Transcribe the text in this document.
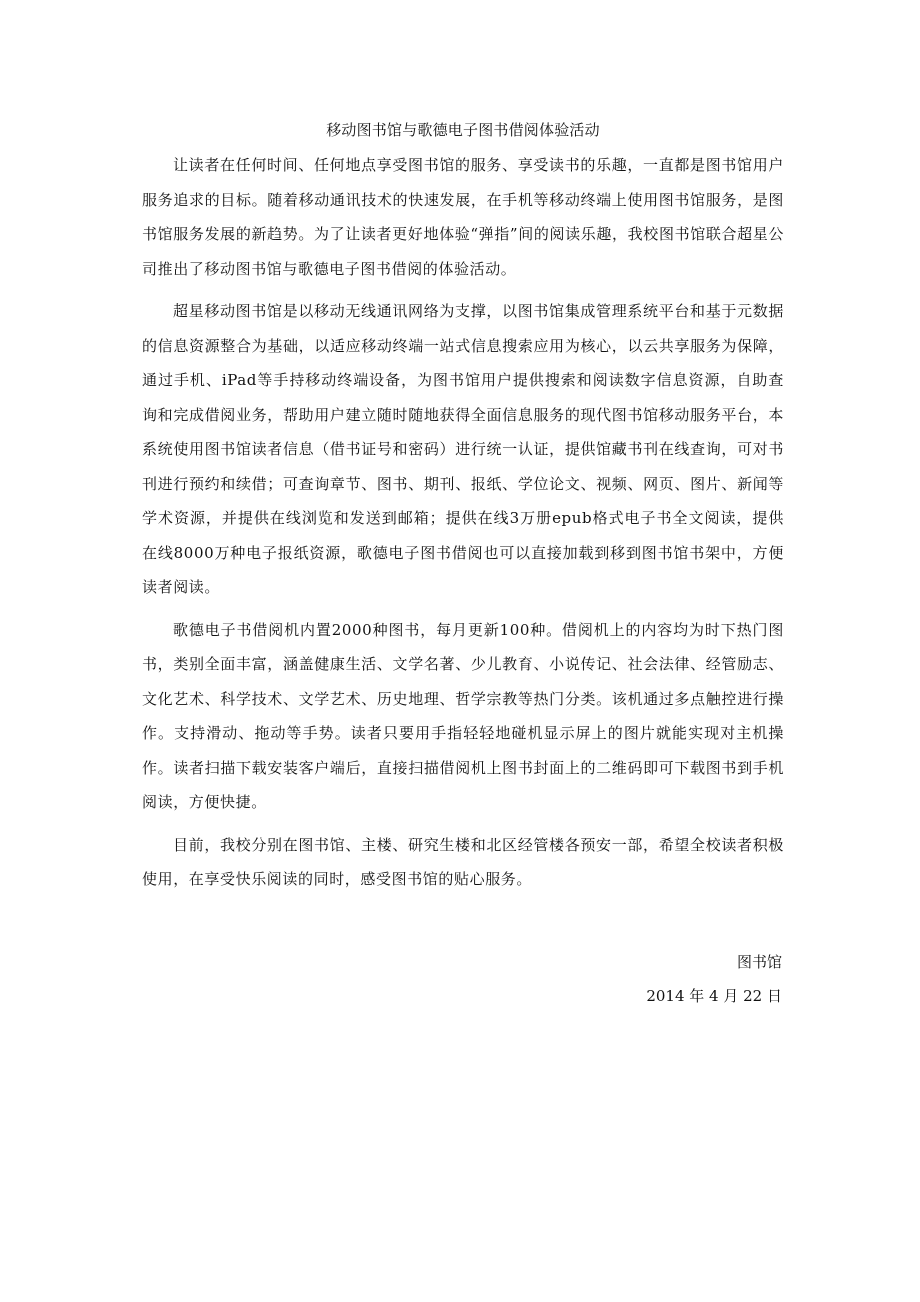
移动图书馆与歌德电子图书借阅体验活动

让读者在任何时间、任何地点享受图书馆的服务、享受读书的乐趣，一直都是图书馆用户服务追求的目标。随着移动通讯技术的快速发展，在手机等移动终端上使用图书馆服务，是图书馆服务发展的新趋势。为了让读者更好地体验“弹指”间的阅读乐趣，我校图书馆联合超星公司推出了移动图书馆与歌德电子图书借阅的体验活动。

超星移动图书馆是以移动无线通讯网络为支撑，以图书馆集成管理系统平台和基于元数据的信息资源整合为基础，以适应移动终端一站式信息搜索应用为核心，以云共享服务为保障，通过手机、iPad等手持移动终端设备，为图书馆用户提供搜索和阅读数字信息资源，自助查询和完成借阅业务，帮助用户建立随时随地获得全面信息服务的现代图书馆移动服务平台，本系统使用图书馆读者信息（借书证号和密码）进行统一认证，提供馆藏书刊在线查询，可对书刊进行预约和续借；可查询章节、图书、期刊、报纸、学位论文、视频、网页、图片、新闻等学术资源，并提供在线浏览和发送到邮箱；提供在线3万册epub格式电子书全文阅读，提供在线8000万种电子报纸资源，歌德电子图书借阅也可以直接加载到移到图书馆书架中，方便读者阅读。

歌德电子书借阅机内置2000种图书，每月更新100种。借阅机上的内容均为时下热门图书，类别全面丰富，涵盖健康生活、文学名著、少儿教育、小说传记、社会法律、经管励志、文化艺术、科学技术、文学艺术、历史地理、哲学宗教等热门分类。该机通过多点触控进行操作。支持滑动、拖动等手势。读者只要用手指轻轻地碰机显示屏上的图片就能实现对主机操作。读者扫描下载安装客户端后，直接扫描借阅机上图书封面上的二维码即可下载图书到手机阅读，方便快捷。

目前，我校分别在图书馆、主楼、研究生楼和北区经管楼各预安一部，希望全校读者积极使用，在享受快乐阅读的同时，感受图书馆的贴心服务。

图书馆
2014 年 4 月 22 日
